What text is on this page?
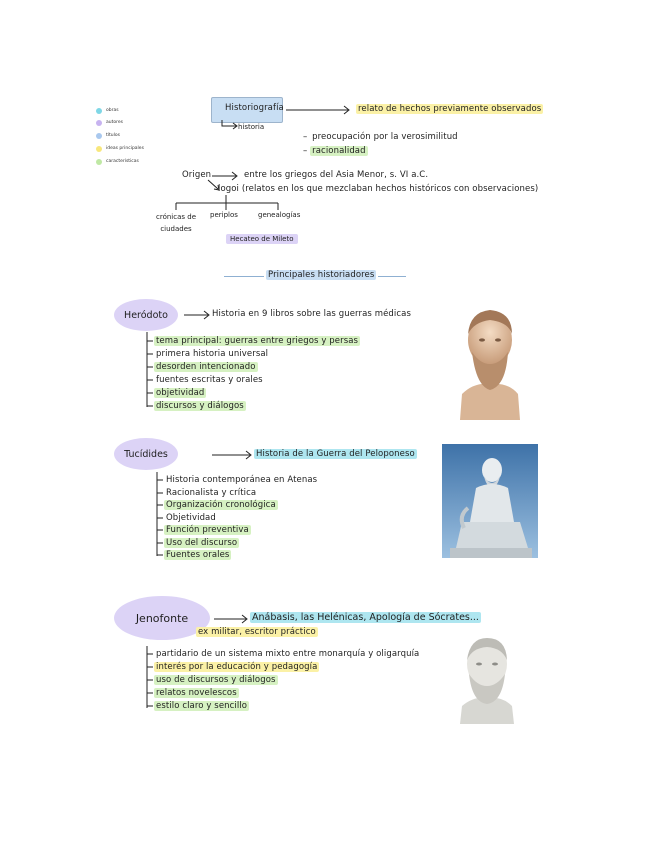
obras
autores
títulos
ideas principales
características
Historiografía	relato de hechos previamente observados
historia
– preocupación por la verosimilitud
– racionalidad
Origen	entre los griegos del Asia Menor, s. VI a.C.
logoi (relatos en los que mezclaban hechos históricos con observaciones)
crónicas de ciudades
periplos	genealogías
Hecateo de Mileto
Principales historiadores
Heródoto	Historia en 9 libros sobre las guerras médicas
tema principal: guerras entre griegos y persas
primera historia universal
desorden intencionado
fuentes escritas y orales
objetividad
discursos y diálogos
Tucídides	Historia de la Guerra del Peloponeso
Historia contemporánea en Atenas
Racionalista y crítica
Organización cronológica
Objetividad
Función preventiva
Uso del discurso
Fuentes orales
Jenofonte	Anábasis, las Helénicas, Apología de Sócrates...
ex militar, escritor práctico
partidario de un sistema mixto entre monarquía y oligarquía
interés por la educación y pedagogía
uso de discursos y diálogos
relatos novelescos
estilo claro y sencillo
